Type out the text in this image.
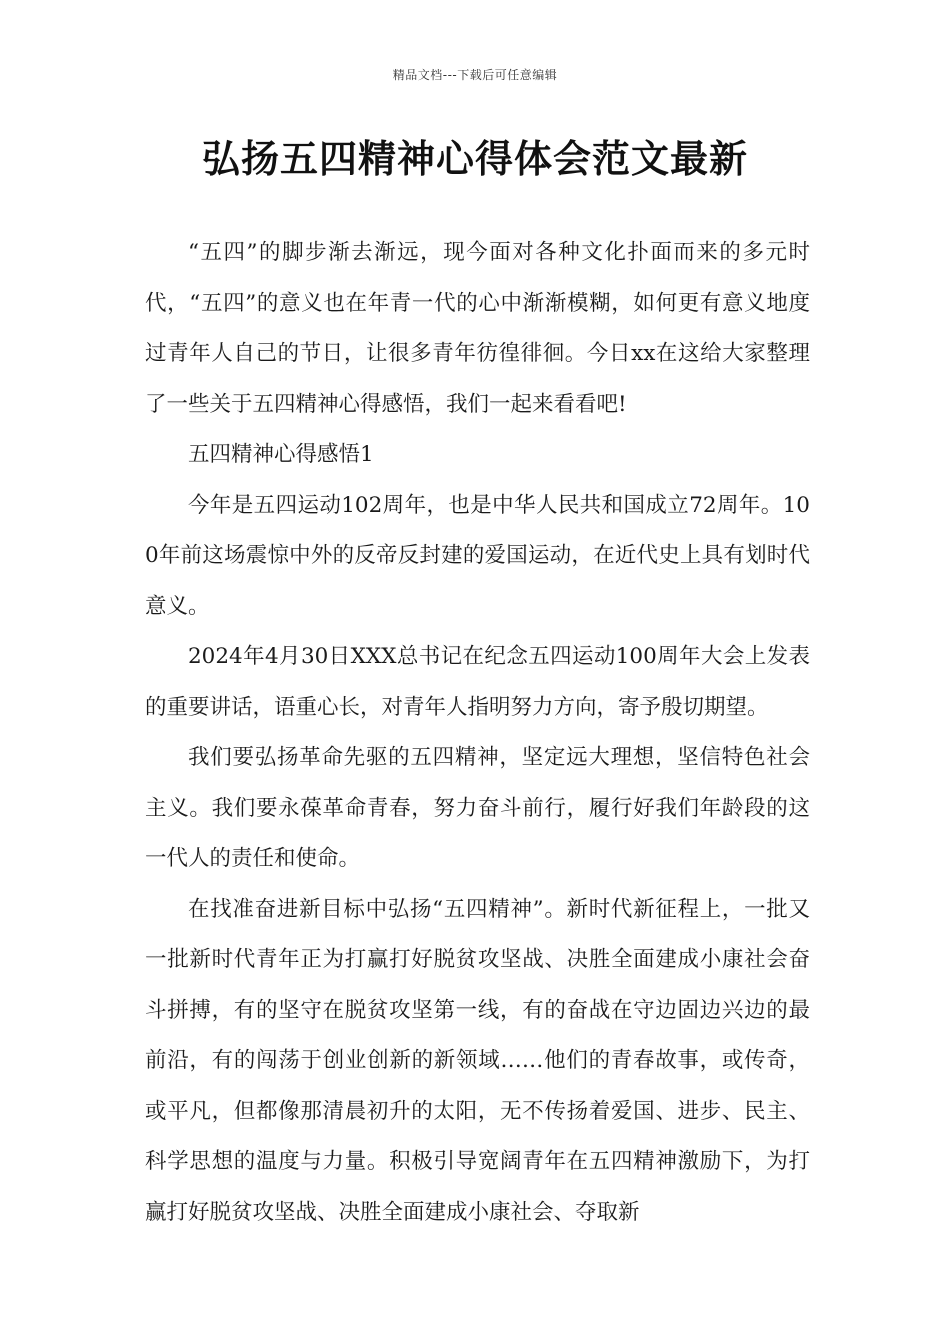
精品文档---下载后可任意编辑
弘扬五四精神心得体会范文最新

“五四”的脚步渐去渐远，现今面对各种文化扑面而来的多元时代，“五四”的意义也在年青一代的心中渐渐模糊，如何更有意义地度过青年人自己的节日，让很多青年彷徨徘徊。今日xx在这给大家整理了一些关于五四精神心得感悟，我们一起来看看吧!

五四精神心得感悟1

今年是五四运动102周年，也是中华人民共和国成立72周年。100年前这场震惊中外的反帝反封建的爱国运动，在近代史上具有划时代意义。

2024年4月30日XXX总书记在纪念五四运动100周年大会上发表的重要讲话，语重心长，对青年人指明努力方向，寄予殷切期望。

我们要弘扬革命先驱的五四精神，坚定远大理想，坚信特色社会主义。我们要永葆革命青春，努力奋斗前行，履行好我们年龄段的这一代人的责任和使命。

在找准奋进新目标中弘扬“五四精神”。新时代新征程上，一批又一批新时代青年正为打赢打好脱贫攻坚战、决胜全面建成小康社会奋斗拼搏，有的坚守在脱贫攻坚第一线，有的奋战在守边固边兴边的最前沿，有的闯荡于创业创新的新领域……他们的青春故事，或传奇，或平凡，但都像那清晨初升的太阳，无不传扬着爱国、进步、民主、科学思想的温度与力量。积极引导宽阔青年在五四精神激励下，为打赢打好脱贫攻坚战、决胜全面建成小康社会、夺取新
